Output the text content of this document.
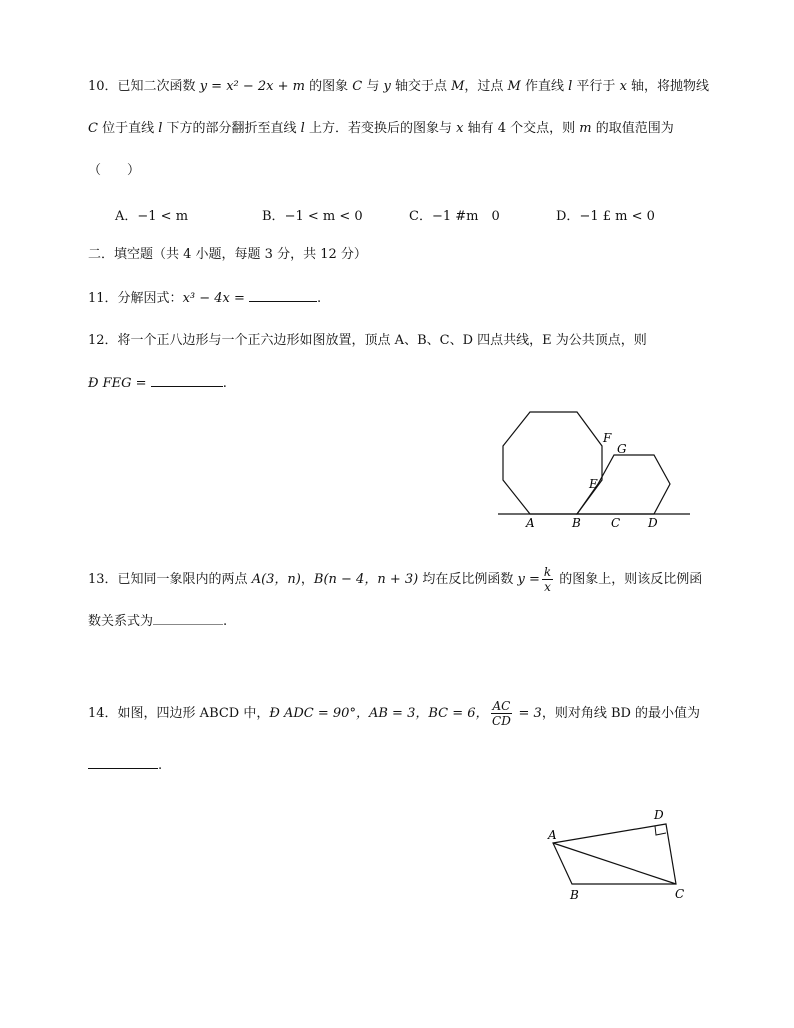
10．已知二次函数 y = x² − 2x + m 的图象 C 与 y 轴交于点 M，过点 M 作直线 l 平行于 x 轴，将抛物线
C 位于直线 l 下方的部分翻折至直线 l 上方．若变换后的图象与 x 轴有 4 个交点，则 m 的取值范围为
（　　）
A．−1 < m	B．−1 < m < 0	C．−1 #m　0	D．−1 £ m < 0
二．填空题（共 4 小题，每题 3 分，共 12 分）
11．分解因式：x³ − 4x =	.
12．将一个正八边形与一个正六边形如图放置，顶点 A、B、C、D 四点共线，E 为公共顶点，则
Ð FEG =	.
A	B	C D
E
F
G
13．已知同一象限内的两点 A(3，n)，B(n − 4，n + 3) 均在反比例函数 $y = \frac{k}{x}$ 的图象上，则该反比例函
数关系式为	.
14．如图，四边形 ABCD 中，Ð ADC = 90°，AB = 3，BC = 6， $\frac{AC}{CD} = 3$，则对角线 BD 的最小值为
.
A
B	C
D
